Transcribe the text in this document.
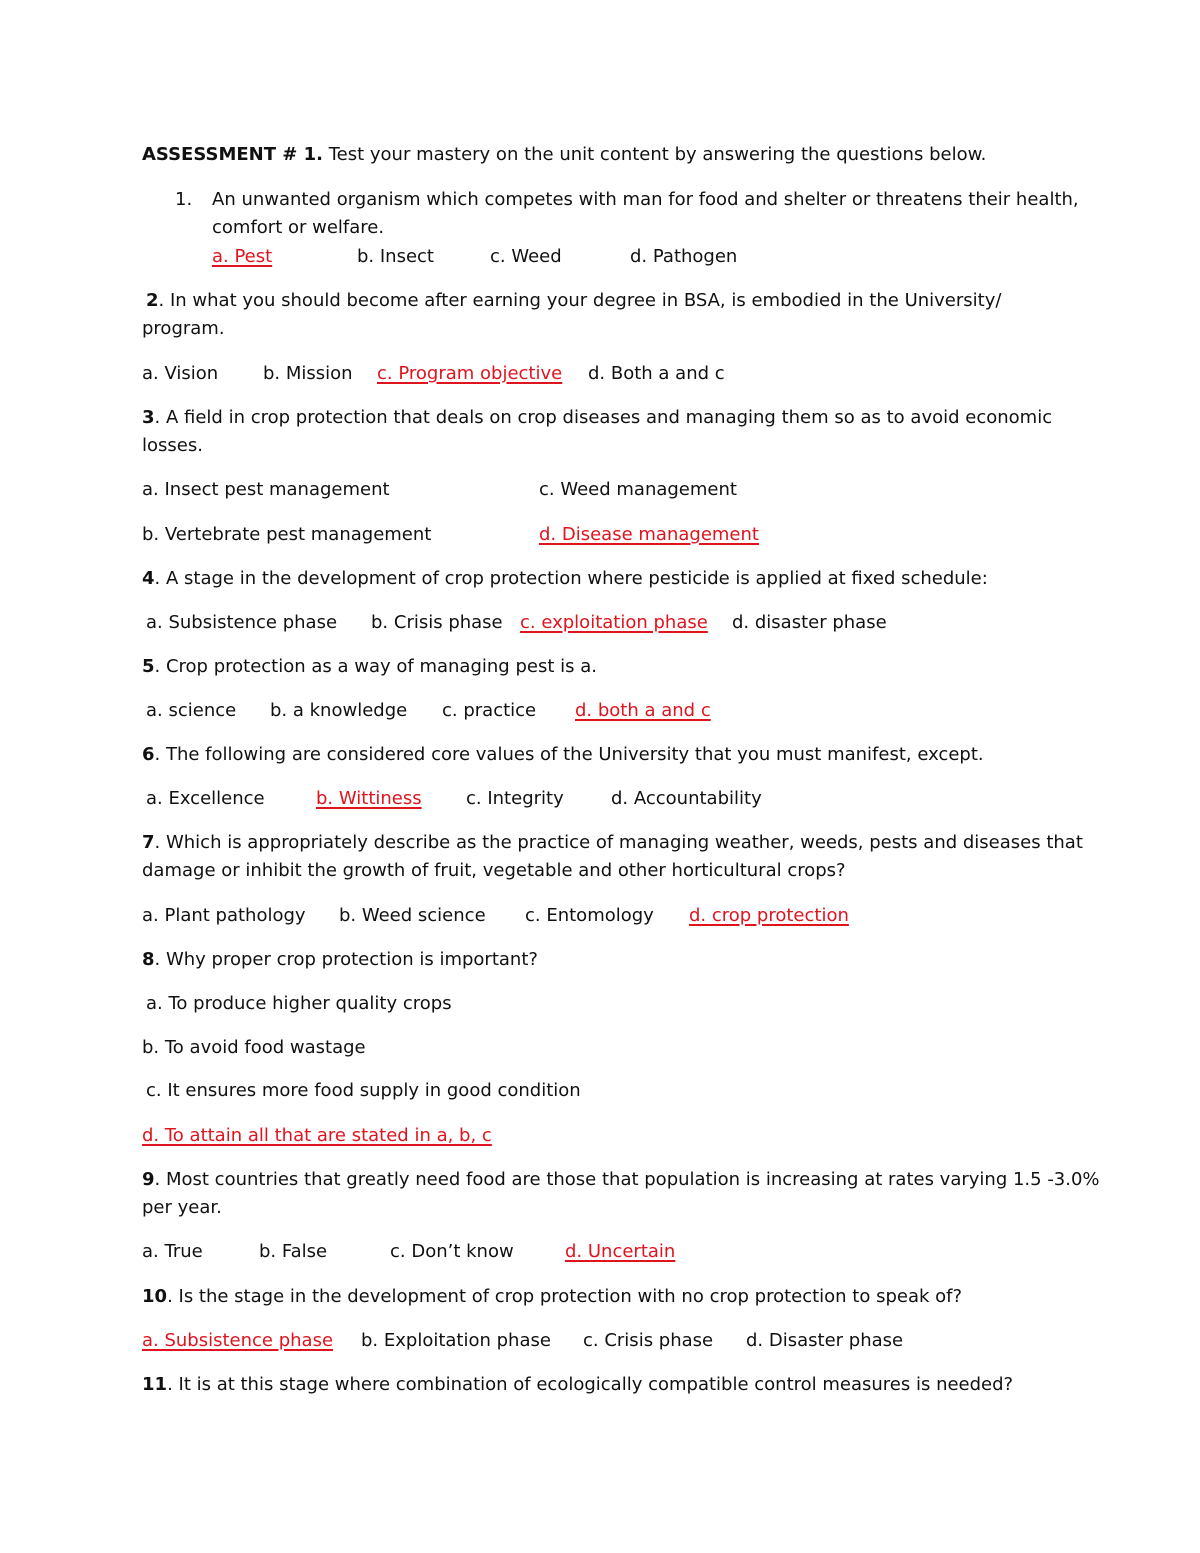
ASSESSMENT # 1. Test your mastery on the unit content by answering the questions below.
1. An unwanted organism which competes with man for food and shelter or threatens their health,
comfort or welfare.
a. Pest	b. Insect	c. Weed	d. Pathogen
2. In what you should become after earning your degree in BSA, is embodied in the University/
program.
a. Vision b. Mission c. Program objective d. Both a and c
3. A field in crop protection that deals on crop diseases and managing them so as to avoid economic
losses.
a. Insect pest management	c. Weed management
b. Vertebrate pest management	d. Disease management
4. A stage in the development of crop protection where pesticide is applied at fixed schedule:
a. Subsistence phase b. Crisis phase c. exploitation phase d. disaster phase
5. Crop protection as a way of managing pest is a.
a. science b. a knowledge c. practice d. both a and c
6. The following are considered core values of the University that you must manifest, except.
a. Excellence	b. Wittiness c. Integrity	d. Accountability
7. Which is appropriately describe as the practice of managing weather, weeds, pests and diseases that
damage or inhibit the growth of fruit, vegetable and other horticultural crops?
a. Plant pathology b. Weed science c. Entomology d. crop protection
8. Why proper crop protection is important?
a. To produce higher quality crops
b. To avoid food wastage
c. It ensures more food supply in good condition
d. To attain all that are stated in a, b, c
9. Most countries that greatly need food are those that population is increasing at rates varying 1.5 -3.0%
per year.
a. True	b. False	c. Don’t know	d. Uncertain
10. Is the stage in the development of crop protection with no crop protection to speak of?
a. Subsistence phase b. Exploitation phase c. Crisis phase d. Disaster phase
11. It is at this stage where combination of ecologically compatible control measures is needed?
